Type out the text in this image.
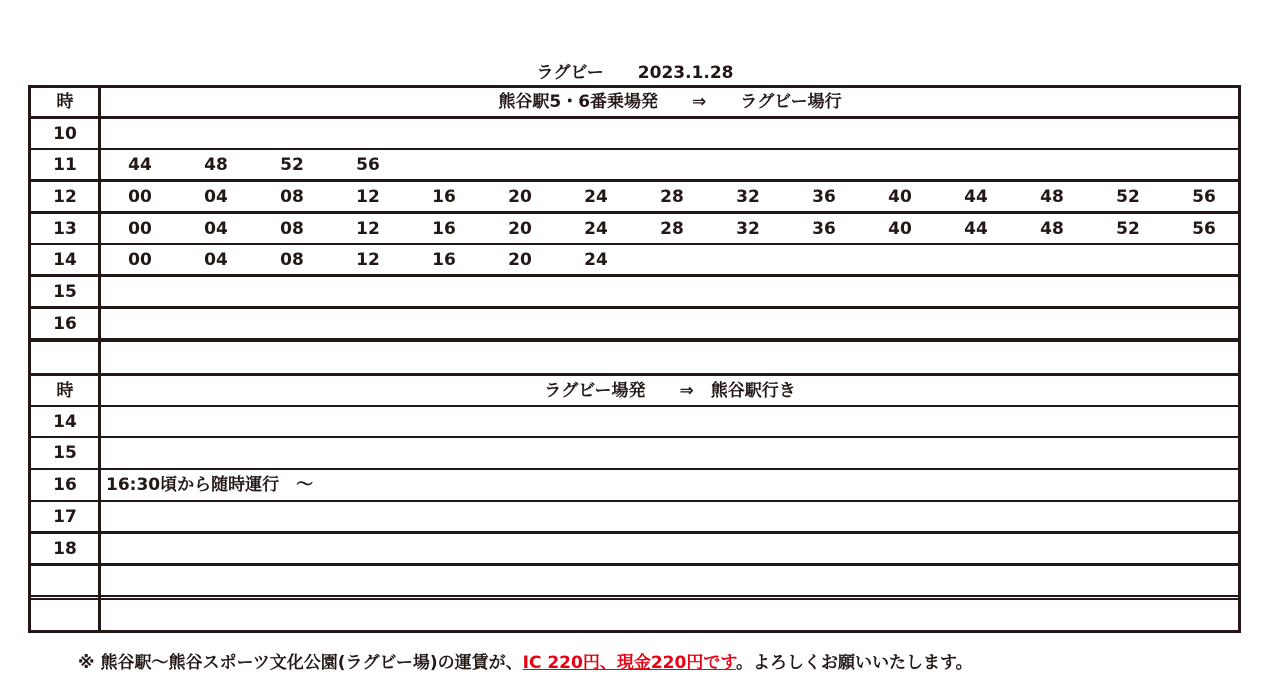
ラグビー　　2023.1.28
時	熊谷駅5・6番乗場発　　⇒　　ラグビー場行
10
11	44	48	52	56
12	00	04	08	12	16	20	24	28	32	36	40	44	48	52	56
13	00	04	08	12	16	20	24	28	32	36	40	44	48	52	56
14	00	04	08	12	16	20	24
15
16
時	ラグビー場発　　⇒　熊谷駅行き
14
15
16	16:30頃から随時運行　～
17
18
※ 熊谷駅～熊谷スポーツ文化公園(ラグビー場)の運賃が、IC 220円、現金220円です。よろしくお願いいたします。
